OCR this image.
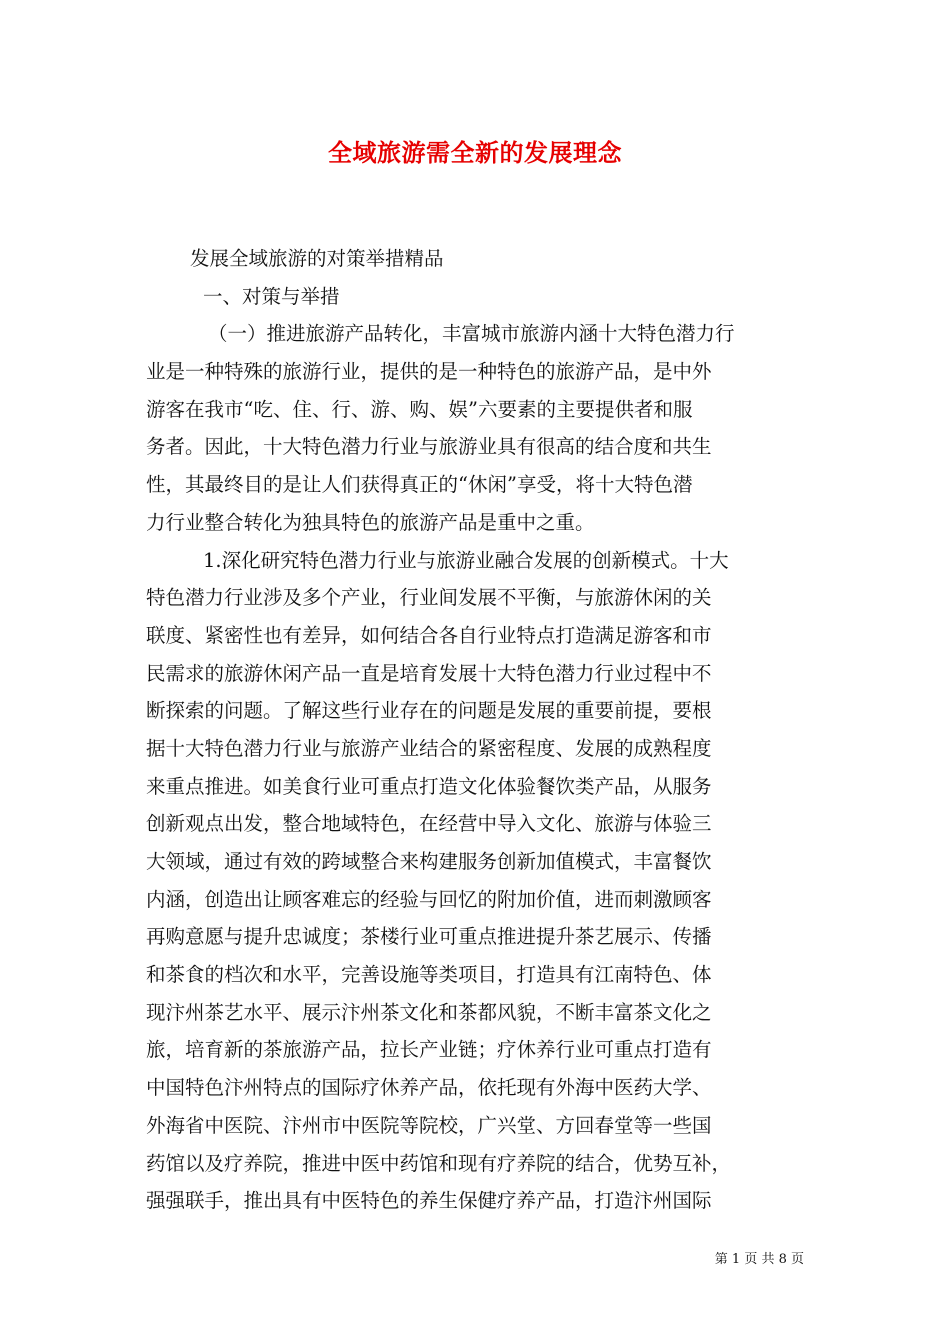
全域旅游需全新的发展理念
发展全域旅游的对策举措精品
一、对策与举措
（一）推进旅游产品转化，丰富城市旅游内涵十大特色潜力行
业是一种特殊的旅游行业，提供的是一种特色的旅游产品，是中外
游客在我市“吃、住、行、游、购、娱”六要素的主要提供者和服
务者。因此，十大特色潜力行业与旅游业具有很高的结合度和共生
性，其最终目的是让人们获得真正的“休闲”享受，将十大特色潜
力行业整合转化为独具特色的旅游产品是重中之重。
1.深化研究特色潜力行业与旅游业融合发展的创新模式。十大
特色潜力行业涉及多个产业，行业间发展不平衡，与旅游休闲的关
联度、紧密性也有差异，如何结合各自行业特点打造满足游客和市
民需求的旅游休闲产品一直是培育发展十大特色潜力行业过程中不
断探索的问题。了解这些行业存在的问题是发展的重要前提，要根
据十大特色潜力行业与旅游产业结合的紧密程度、发展的成熟程度
来重点推进。如美食行业可重点打造文化体验餐饮类产品，从服务
创新观点出发，整合地域特色，在经营中导入文化、旅游与体验三
大领域，通过有效的跨域整合来构建服务创新加值模式，丰富餐饮
内涵，创造出让顾客难忘的经验与回忆的附加价值，进而刺激顾客
再购意愿与提升忠诚度；茶楼行业可重点推进提升茶艺展示、传播
和茶食的档次和水平，完善设施等类项目，打造具有江南特色、体
现汴州茶艺水平、展示汴州茶文化和茶都风貌，不断丰富茶文化之
旅，培育新的茶旅游产品，拉长产业链；疗休养行业可重点打造有
中国特色汴州特点的国际疗休养产品，依托现有外海中医药大学、
外海省中医院、汴州市中医院等院校，广兴堂、方回春堂等一些国
药馆以及疗养院，推进中医中药馆和现有疗养院的结合，优势互补，
强强联手，推出具有中医特色的养生保健疗养产品，打造汴州国际
第 1 页 共 8 页
